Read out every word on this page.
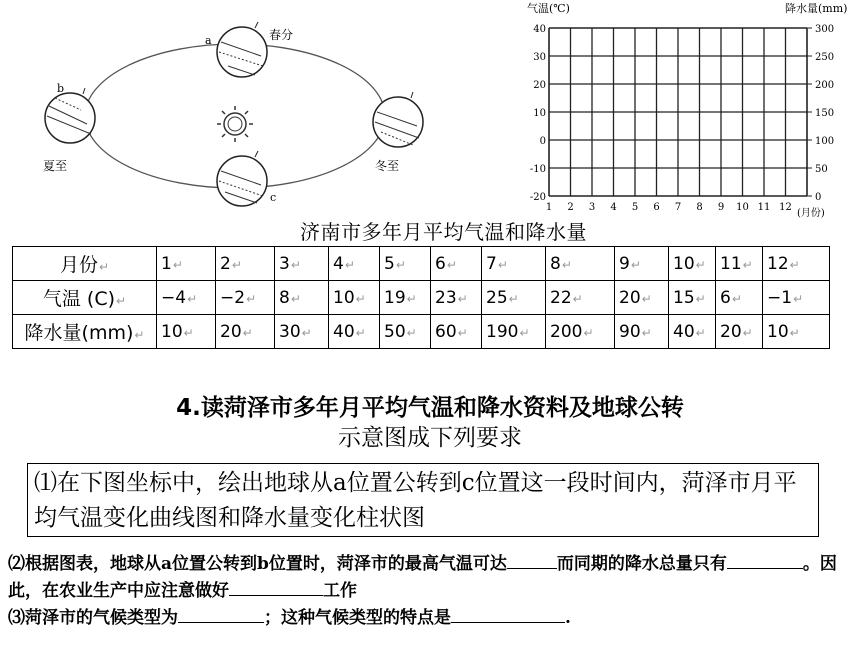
a	春分
b
夏至	冬至
c
气温(℃)	降水量(mm)
40
30
20
10
0
-10
-20
300
250
200
150
100
50
0
1 2 3 4 5 6 7 8 9 10 11 12
(月份)
济南市多年月平均气温和降水量
月份↵	1↵	2↵	3↵	4↵	5↵	6↵	7↵	8↵	9↵	10↵	11↵	12↵
气温 (C)↵	−4↵	−2↵	8↵	10↵	19↵	23↵	25↵	22↵	20↵	15↵	6↵	−1↵
降水量(mm)↵	10↵	20↵	30↵	40↵	50↵	60↵	190↵	200↵	90↵	40↵	20↵	10↵
4.读菏泽市多年月平均气温和降水资料及地球公转
示意图成下列要求
⑴在下图坐标中，绘出地球从a位置公转到c位置这一段时间内，菏泽市月平均气温变化曲线图和降水量变化柱状图
⑵根据图表，地球从a位置公转到b位置时，菏泽市的最高气温可达	而同期的降水总量只有	。因此，在农业生产中应注意做好	工作
⑶菏泽市的气候类型为	；这种气候类型的特点是	.
